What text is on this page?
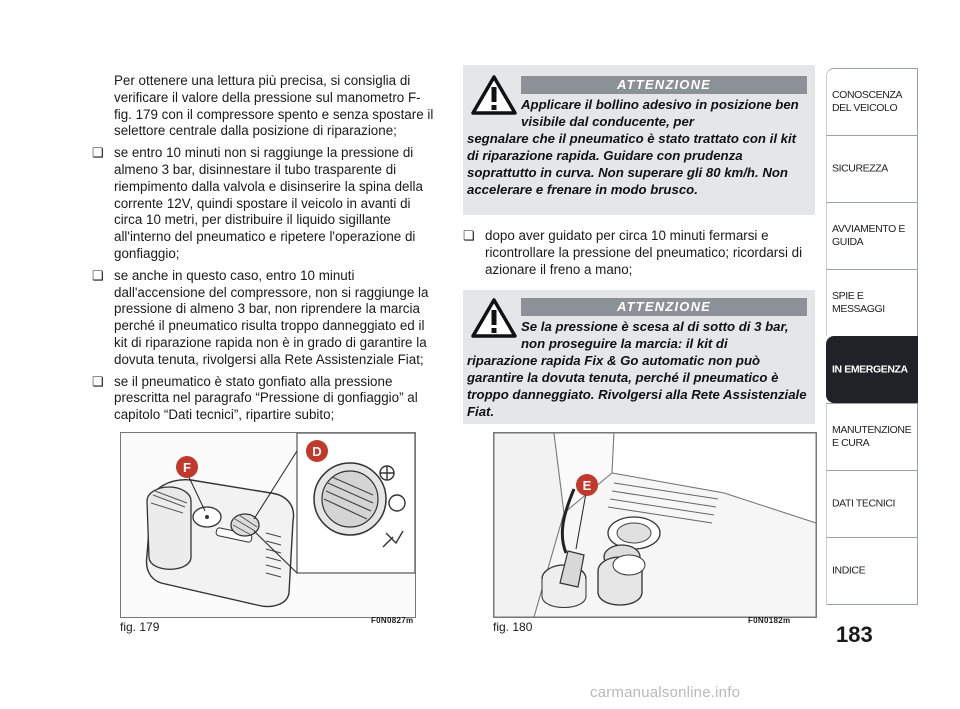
Per ottenere una lettura più precisa, si consiglia di verificare il valore della pressione sul manometro F-fig. 179 con il compressore spento e senza spostare il selettore centrale dalla posizione di riparazione;

❏ se entro 10 minuti non si raggiunge la pressione di almeno 3 bar, disinnestare il tubo trasparente di riempimento dalla valvola e disinserire la spina della corrente 12V, quindi spostare il veicolo in avanti di circa 10 metri, per distribuire il liquido sigillante all'interno del pneumatico e ripetere l'operazione di gonfiaggio;

❏ se anche in questo caso, entro 10 minuti dall'accensione del compressore, non si raggiunge la pressione di almeno 3 bar, non riprendere la marcia perché il pneumatico risulta troppo danneggiato ed il kit di riparazione rapida non è in grado di garantire la dovuta tenuta, rivolgersi alla Rete Assistenziale Fiat;

❏ se il pneumatico è stato gonfiato alla pressione prescritta nel paragrafo “Pressione di gonfiaggio” al capitolo “Dati tecnici”, ripartire subito;

ATTENZIONE
Applicare il bollino adesivo in posizione ben visibile dal conducente, per
segnalare che il pneumatico è stato trattato con il kit di riparazione rapida. Guidare con prudenza soprattutto in curva. Non superare gli 80 km/h. Non accelerare e frenare in modo brusco.
❏ dopo aver guidato per circa 10 minuti fermarsi e ricontrollare la pressione del pneumatico; ricordarsi di azionare il freno a mano;
ATTENZIONE
Se la pressione è scesa al di sotto di 3 bar, non proseguire la marcia: il kit di
riparazione rapida Fix & Go automatic non può garantire la dovuta tenuta, perché il pneumatico è troppo danneggiato. Rivolgersi alla Rete Assistenziale Fiat.
F
D
fig. 179	F0N0827m
E
fig. 180	F0N0182m
CONOSCENZA DEL VEICOLO
SICUREZZA
AVVIAMENTO E GUIDA
SPIE E MESSAGGI
IN EMERGENZA
MANUTENZIONE E CURA
DATI TECNICI
INDICE
183
carmanualsonline.info
